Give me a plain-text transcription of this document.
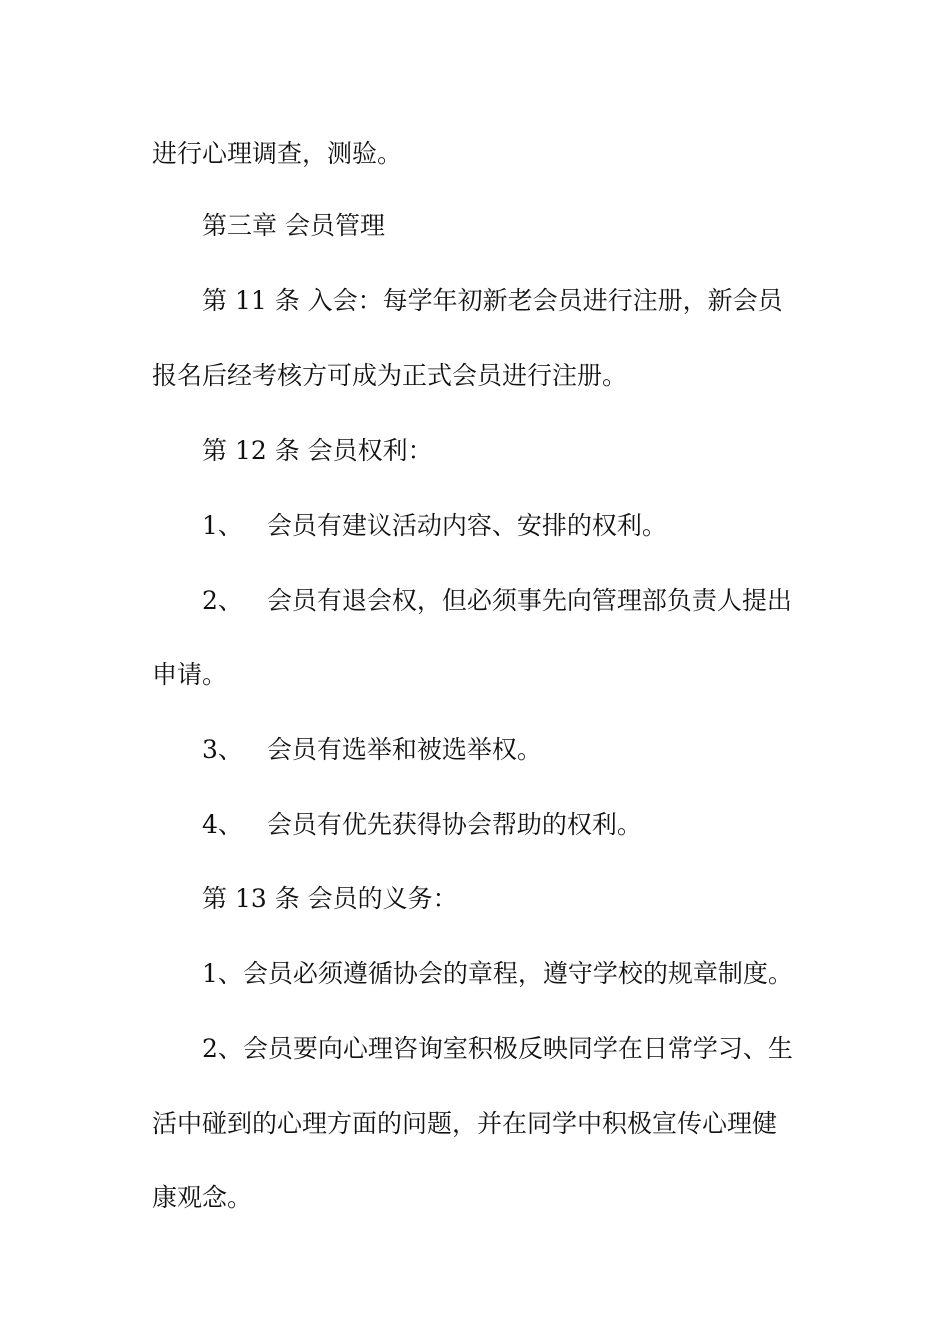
进行心理调查，测验。

第三章 会员管理

第 11 条 入会：每学年初新老会员进行注册，新会员

报名后经考核方可成为正式会员进行注册。

第 12 条 会员权利：

1、 会员有建议活动内容、安排的权利。

2、 会员有退会权，但必须事先向管理部负责人提出

申请。

3、 会员有选举和被选举权。

4、 会员有优先获得协会帮助的权利。

第 13 条 会员的义务：

1、会员必须遵循协会的章程，遵守学校的规章制度。

2、会员要向心理咨询室积极反映同学在日常学习、生

活中碰到的心理方面的问题，并在同学中积极宣传心理健

康观念。
